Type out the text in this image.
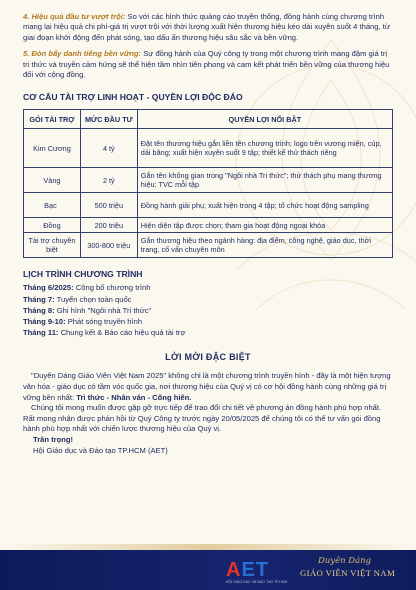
4. Hiệu quả đầu tư vượt trội: So với các hình thức quảng cáo truyền thống, đồng hành cùng chương trình mang lại hiệu quả chi phí-giá trị vượt trội với thời lượng xuất hiện thương hiệu kéo dài xuyên suốt 4 tháng, từ giai đoạn khởi động đến phát sóng, tạo dấu ấn thương hiệu sâu sắc và bền vững.

5. Đòn bẩy danh tiếng bền vững: Sự đồng hành của Quý công ty trong một chương trình mang đậm giá trị tri thức và truyền cảm hứng sẽ thể hiện tầm nhìn tiên phong và cam kết phát triển bền vững của thương hiệu đối với cộng đồng.

CƠ CẤU TÀI TRỢ LINH HOẠT - QUYỀN LỢI ĐỘC ĐÁO
GÓI TÀI TRỢ	MỨC ĐẦU TƯ	QUYỀN LỢI NỔI BẬT
Kim Cương	4 tỷ	Đặt tên thương hiệu gắn liền tên chương trình; logo trên vương miện, cúp, dải băng; xuất hiện xuyên suốt 9 tập; thiết kế thử thách riêng
Vàng	2 tỷ	Gắn tên không gian trong "Ngôi nhà Tri thức"; thử thách phụ mang thương hiệu; TVC mỗi tập
Bạc	500 triệu	Đồng hành giải phụ; xuất hiện trong 4 tập; tổ chức hoạt động sampling
Đồng	200 triệu	Hiện diện tập được chọn; tham gia hoạt động ngoại khóa
Tài trợ chuyên biệt	300-800 triệu	Gắn thương hiệu theo ngành hàng: địa điểm, công nghệ, giáo dục, thời trang, cố vấn chuyên môn
LỊCH TRÌNH CHƯƠNG TRÌNH
Tháng 6/2025: Công bố chương trình
Tháng 7: Tuyển chọn toàn quốc
Tháng 8: Ghi hình "Ngôi nhà Tri thức"
Tháng 9-10: Phát sóng truyền hình
Tháng 11: Chung kết & Báo cáo hiệu quả tài trợ
LỜI MỜI ĐẶC BIỆT

"Duyên Dáng Giáo Viên Việt Nam 2025" không chỉ là một chương trình truyền hình - đây là một hiện tượng văn hóa - giáo dục có tầm vóc quốc gia, nơi thương hiệu của Quý vị có cơ hội đồng hành cùng những giá trị vững bền nhất: Tri thức - Nhân văn - Cống hiến.

Chúng tôi mong muốn được gặp gỡ trực tiếp để trao đổi chi tiết về phương án đồng hành phù hợp nhất. Rất mong nhận được phản hồi từ Quý Công ty trước ngày 20/05/2025 để chúng tôi có thể tư vấn gói đồng hành phù hợp nhất với chiến lược thương hiệu của Quý vị.

Trân trọng!

Hội Giáo dục và Đào tạo TP.HCM (AET)

AET
HỘI GIÁO DỤC VÀ ĐÀO TẠO TP.HCM
Duyên Dáng
GIÁO VIÊN VIỆT NAM
